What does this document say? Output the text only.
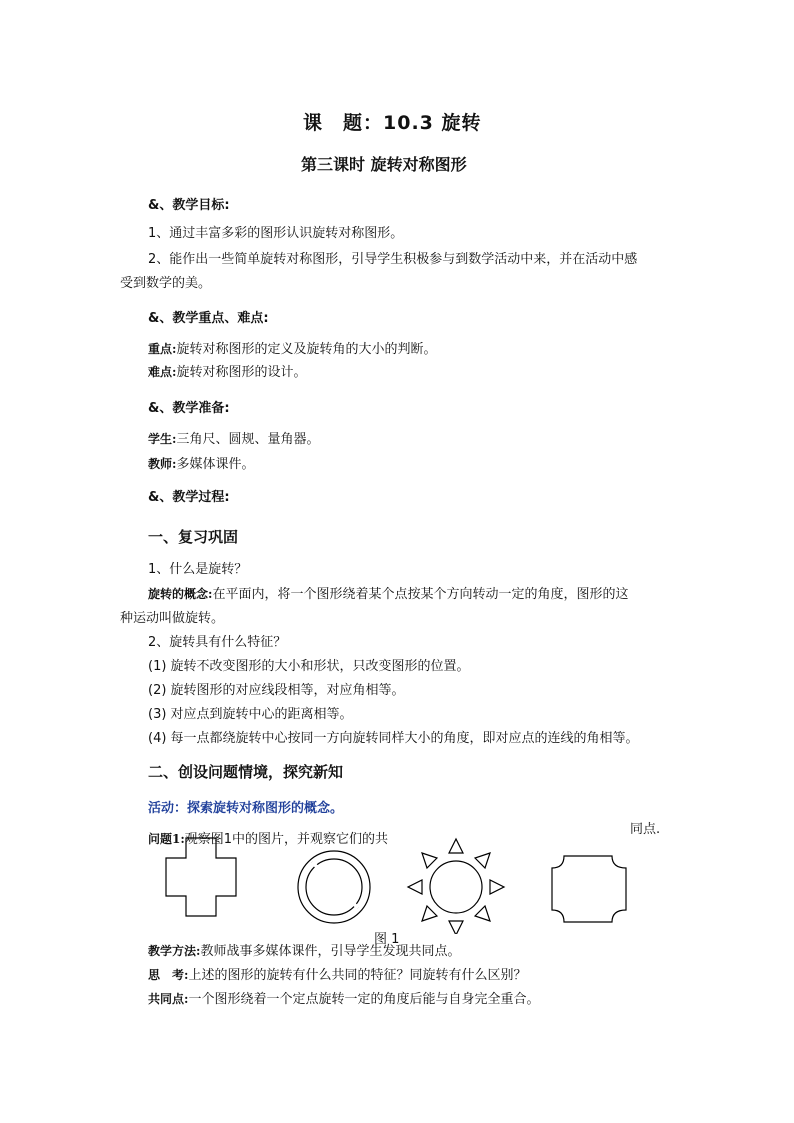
课　题：10.3 旋转
第三课时 旋转对称图形
&、教学目标:
1、通过丰富多彩的图形认识旋转对称图形。
2、能作出一些简单旋转对称图形，引导学生积极参与到数学活动中来，并在活动中感
受到数学的美。
&、教学重点、难点:
重点:旋转对称图形的定义及旋转角的大小的判断。
难点:旋转对称图形的设计。
&、教学准备:
学生:三角尺、圆规、量角器。
教师:多媒体课件。
&、教学过程:
一、复习巩固
1、什么是旋转？
旋转的概念:在平面内，将一个图形绕着某个点按某个方向转动一定的角度，图形的这
种运动叫做旋转。
2、旋转具有什么特征？
(1) 旋转不改变图形的大小和形状，只改变图形的位置。
(2) 旋转图形的对应线段相等，对应角相等。
(3) 对应点到旋转中心的距离相等。
(4) 每一点都绕旋转中心按同一方向旋转同样大小的角度，即对应点的连线的角相等。
二、创设问题情境，探究新知
活动：探索旋转对称图形的概念。
问题1:观察图1中的图片，并观察它们的共
同点.
图 1
教学方法:教师战事多媒体课件，引导学生发现共同点。
思　考:上述的图形的旋转有什么共同的特征？同旋转有什么区别？
共同点:一个图形绕着一个定点旋转一定的角度后能与自身完全重合。
